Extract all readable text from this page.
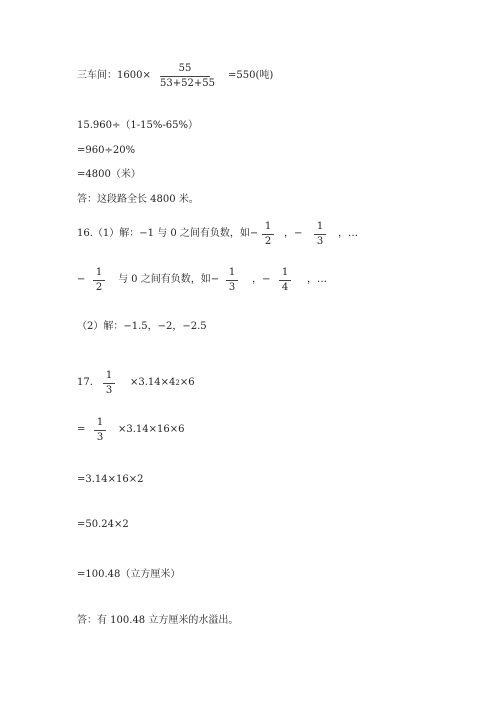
三车间：1600×
55
53+52+55
=550(吨)
15.960÷（1-15%-65%）
=960÷20%
=4800（米）
答：这段路全长 4800 米。
16.（1）解：−1 与 0 之间有负数，如−
1
2
，−
1
3
，…
−
1
2
与 0 之间有负数，如−
1
3
，−
1
4
，…
（2）解：−1.5，−2，−2.5
17.
1
3
$\times 3.14\times 4^2\times 6$
=
1
3
×3.14×16×6
=3.14×16×2
=50.24×2
=100.48（立方厘米）
答：有 100.48 立方厘米的水溢出。
